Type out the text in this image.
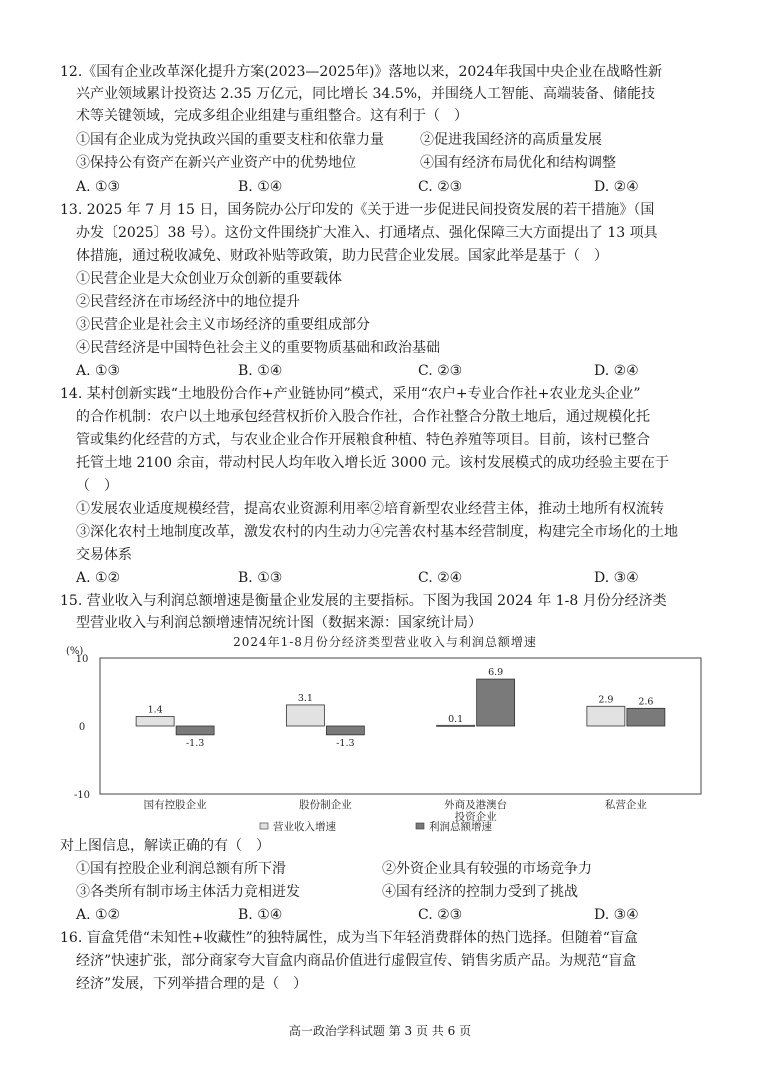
12.《国有企业改革深化提升方案(2023—2025年)》落地以来，2024年我国中央企业在战略性新
兴产业领域累计投资达 2.35 万亿元，同比增长 34.5%，并围绕人工智能、高端装备、储能技
术等关键领域，完成多组企业组建与重组整合。这有利于（　）
①国有企业成为党执政兴国的重要支柱和依靠力量	②促进我国经济的高质量发展
③保持公有资产在新兴产业资产中的优势地位	④国有经济布局优化和结构调整
A. ①③	B. ①④	C. ②③	D. ②④
13. 2025 年 7 月 15 日，国务院办公厅印发的《关于进一步促进民间投资发展的若干措施》（国
办发〔2025〕38 号）。这份文件围绕扩大准入、打通堵点、强化保障三大方面提出了 13 项具
体措施，通过税收减免、财政补贴等政策，助力民营企业发展。国家此举是基于（　）
①民营企业是大众创业万众创新的重要载体
②民营经济在市场经济中的地位提升
③民营企业是社会主义市场经济的重要组成部分
④民营经济是中国特色社会主义的重要物质基础和政治基础
A. ①③	B. ①④	C. ②③	D. ②④
14. 某村创新实践“土地股份合作+产业链协同”模式，采用“农户+专业合作社+农业龙头企业”
的合作机制：农户以土地承包经营权折价入股合作社，合作社整合分散土地后，通过规模化托
管或集约化经营的方式，与农业企业合作开展粮食种植、特色养殖等项目。目前，该村已整合
托管土地 2100 余亩，带动村民人均年收入增长近 3000 元。该村发展模式的成功经验主要在于
（　）
①发展农业适度规模经营，提高农业资源利用率②培育新型农业经营主体，推动土地所有权流转
③深化农村土地制度改革，激发农村的内生动力④完善农村基本经营制度，构建完全市场化的土地
交易体系
A. ①②	B. ①③	C. ②④	D. ③④
15. 营业收入与利润总额增速是衡量企业发展的主要指标。下图为我国 2024 年 1-8 月份分经济类
型营业收入与利润总额增速情况统计图（数据来源：国家统计局）
2024年1-8月份分经济类型营业收入与利润总额增速
(%)
10
0
-10
1.4
-1.3
国有控股企业
3.1
-1.3
股份制企业
0.1
6.9
外商及港澳台投资企业
2.9	2.6
私营企业
营业收入增速	利润总额增速
对上图信息，解读正确的有（　）
①国有控股企业利润总额有所下滑	②外资企业具有较强的市场竞争力
③各类所有制市场主体活力竞相迸发	④国有经济的控制力受到了挑战
A. ①②	B. ①④	C. ②③	D. ③④
16. 盲盒凭借“未知性+收藏性”的独特属性，成为当下年轻消费群体的热门选择。但随着“盲盒
经济”快速扩张，部分商家夸大盲盒内商品价值进行虚假宣传、销售劣质产品。为规范“盲盒
经济”发展，下列举措合理的是（　）
高一政治学科试题 第 3 页 共 6 页
